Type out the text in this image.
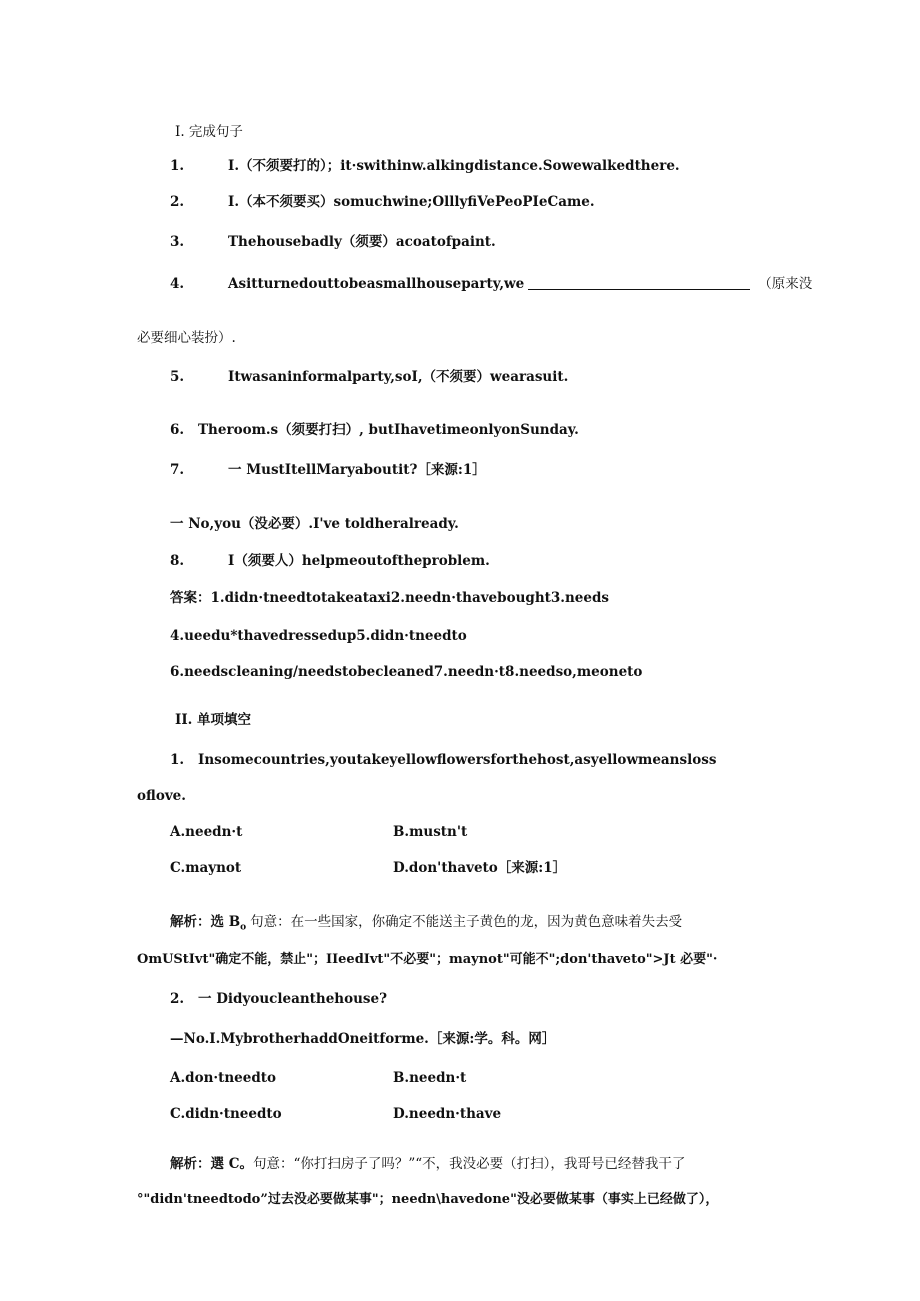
I. 完成句子
1.	I.（不须要打的）；it·swithinw.alkingdistance.Sowewalkedthere.
2.	I.（本不须要买）somuchwine;OlllyfiVePeoPIeCame.
3.	Thehousebadly（须要）acoatofpaint.
4.	Asitturnedouttobeasmallhouseparty,we	（原来没
必要细心装扮）.
5.	Itwasaninformalparty,soI,（不须要）wearasuit.
6. Theroom.s（须要打扫）, butIhavetimeonlyonSunday.
7.	一 MustItellMaryaboutit?［来源:1］
一 No,you（没必要）.I've toldheralready.
8.	I（须要人）helpmeoutoftheproblem.
答案：1.didn·tneedtotakeataxi2.needn·thavebought3.needs
4.ueedu*thavedressedup5.didn·tneedto
6.needscleaning/needstobecleaned7.needn·t8.needso,meoneto
II. 单项填空
1. Insomecountries,youtakeyellowflowersforthehost,asyellowmeansloss
oflove.
A.needn·t	B.mustn't
C.maynot	D.don'thaveto［来源:1］
解析：选 $B_o$ 句意：在一些国家，你确定不能送主子黄色的龙，因为黄色意味着失去受
OmUStIvt"确定不能，禁止"；IIeedIvt"不必要"；maynot"可能不";don'thaveto">Jt 必要"·
2. 一 Didyoucleanthehouse?
—No.I.MybrotherhaddOneitforme.［来源:学。科。网］
A.don·tneedto	B.needn·t
C.didn·tneedto	D.needn·thave
解析：選 C。句意：“你打扫房子了吗？”“不，我没必要（打扫），我哥号已经替我干了
°"didn'tneedtodo”过去没必要做某事"；needn\havedone"没必要做某事（事实上已经做了），
